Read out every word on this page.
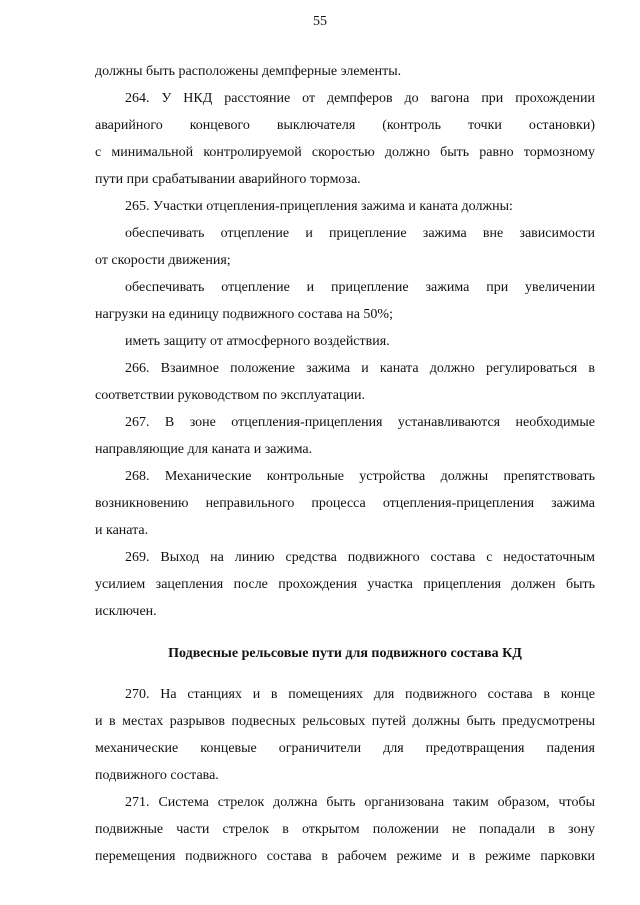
55
должны быть расположены демпферные элементы.
264. У НКД расстояние от демпферов до вагона при прохождении
аварийного концевого выключателя (контроль точки остановки)
с минимальной контролируемой скоростью должно быть равно тормозному
пути при срабатывании аварийного тормоза.
265. Участки отцепления-прицепления зажима и каната должны:
обеспечивать отцепление и прицепление зажима вне зависимости
от скорости движения;
обеспечивать отцепление и прицепление зажима при увеличении
нагрузки на единицу подвижного состава на 50%;
иметь защиту от атмосферного воздействия.
266. Взаимное положение зажима и каната должно регулироваться в
соответствии руководством по эксплуатации.
267. В зоне отцепления-прицепления устанавливаются необходимые
направляющие для каната и зажима.
268. Механические контрольные устройства должны препятствовать
возникновению неправильного процесса отцепления-прицепления зажима
и каната.
269. Выход на линию средства подвижного состава с недостаточным
усилием зацепления после прохождения участка прицепления должен быть
исключен.
Подвесные рельсовые пути для подвижного состава КД
270. На станциях и в помещениях для подвижного состава в конце
и в местах разрывов подвесных рельсовых путей должны быть предусмотрены
механические концевые ограничители для предотвращения падения
подвижного состава.
271. Система стрелок должна быть организована таким образом, чтобы
подвижные части стрелок в открытом положении не попадали в зону
перемещения подвижного состава в рабочем режиме и в режиме парковки
